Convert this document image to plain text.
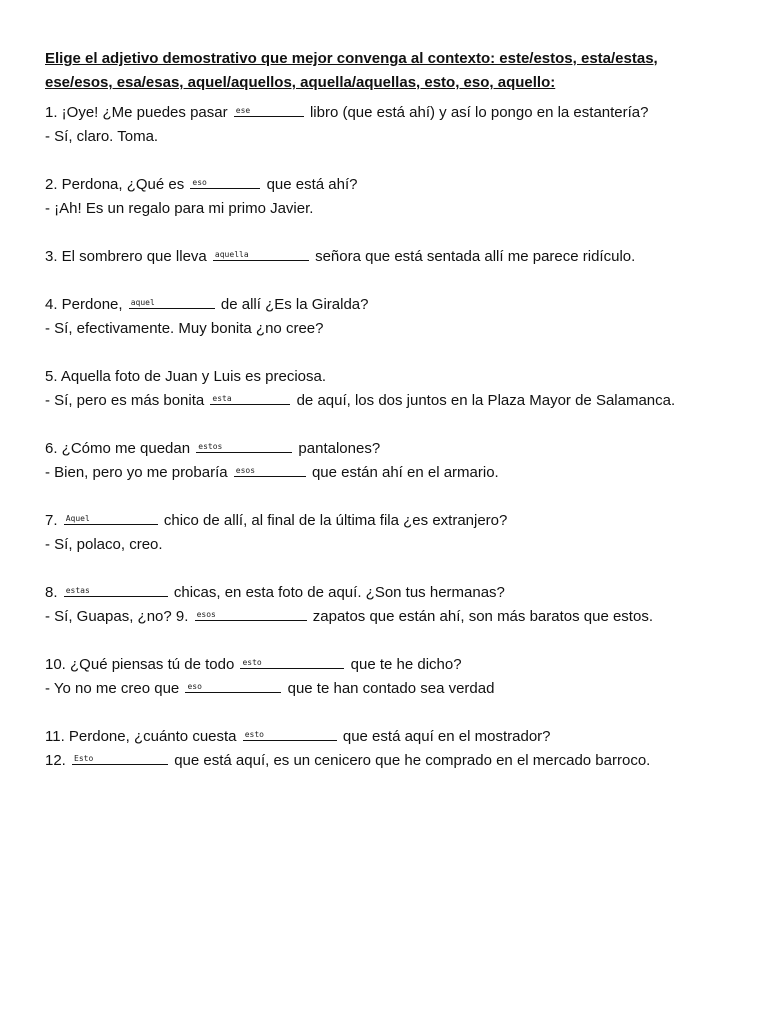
Elige el adjetivo demostrativo que mejor convenga al contexto: este/estos, esta/estas,
ese/esos, esa/esas, aquel/aquellos, aquella/aquellas, esto, eso, aquello:
1. ¡Oye! ¿Me puedes pasar ese	libro (que está ahí) y así lo pongo en la estantería?
- Sí, claro. Toma.
2. Perdona, ¿Qué es eso	que está ahí?
- ¡Ah! Es un regalo para mi primo Javier.
3. El sombrero que lleva aquella	señora que está sentada allí me parece ridículo.
4. Perdone, aquel	de allí ¿Es la Giralda?
- Sí, efectivamente. Muy bonita ¿no cree?
5. Aquella foto de Juan y Luis es preciosa.
- Sí, pero es más bonita esta	de aquí, los dos juntos en la Plaza Mayor de Salamanca.
6. ¿Cómo me quedan estos	pantalones?
- Bien, pero yo me probaría esos	que están ahí en el armario.
7. Aquel	chico de allí, al final de la última fila ¿es extranjero?
- Sí, polaco, creo.
8. estas	chicas, en esta foto de aquí. ¿Son tus hermanas?
- Sí, Guapas, ¿no? 9. esos	zapatos que están ahí, son más baratos que estos.
10. ¿Qué piensas tú de todo esto	que te he dicho?
- Yo no me creo que eso	que te han contado sea verdad
11. Perdone, ¿cuánto cuesta esto	que está aquí en el mostrador?
12. Esto	que está aquí, es un cenicero que he comprado en el mercado barroco.
